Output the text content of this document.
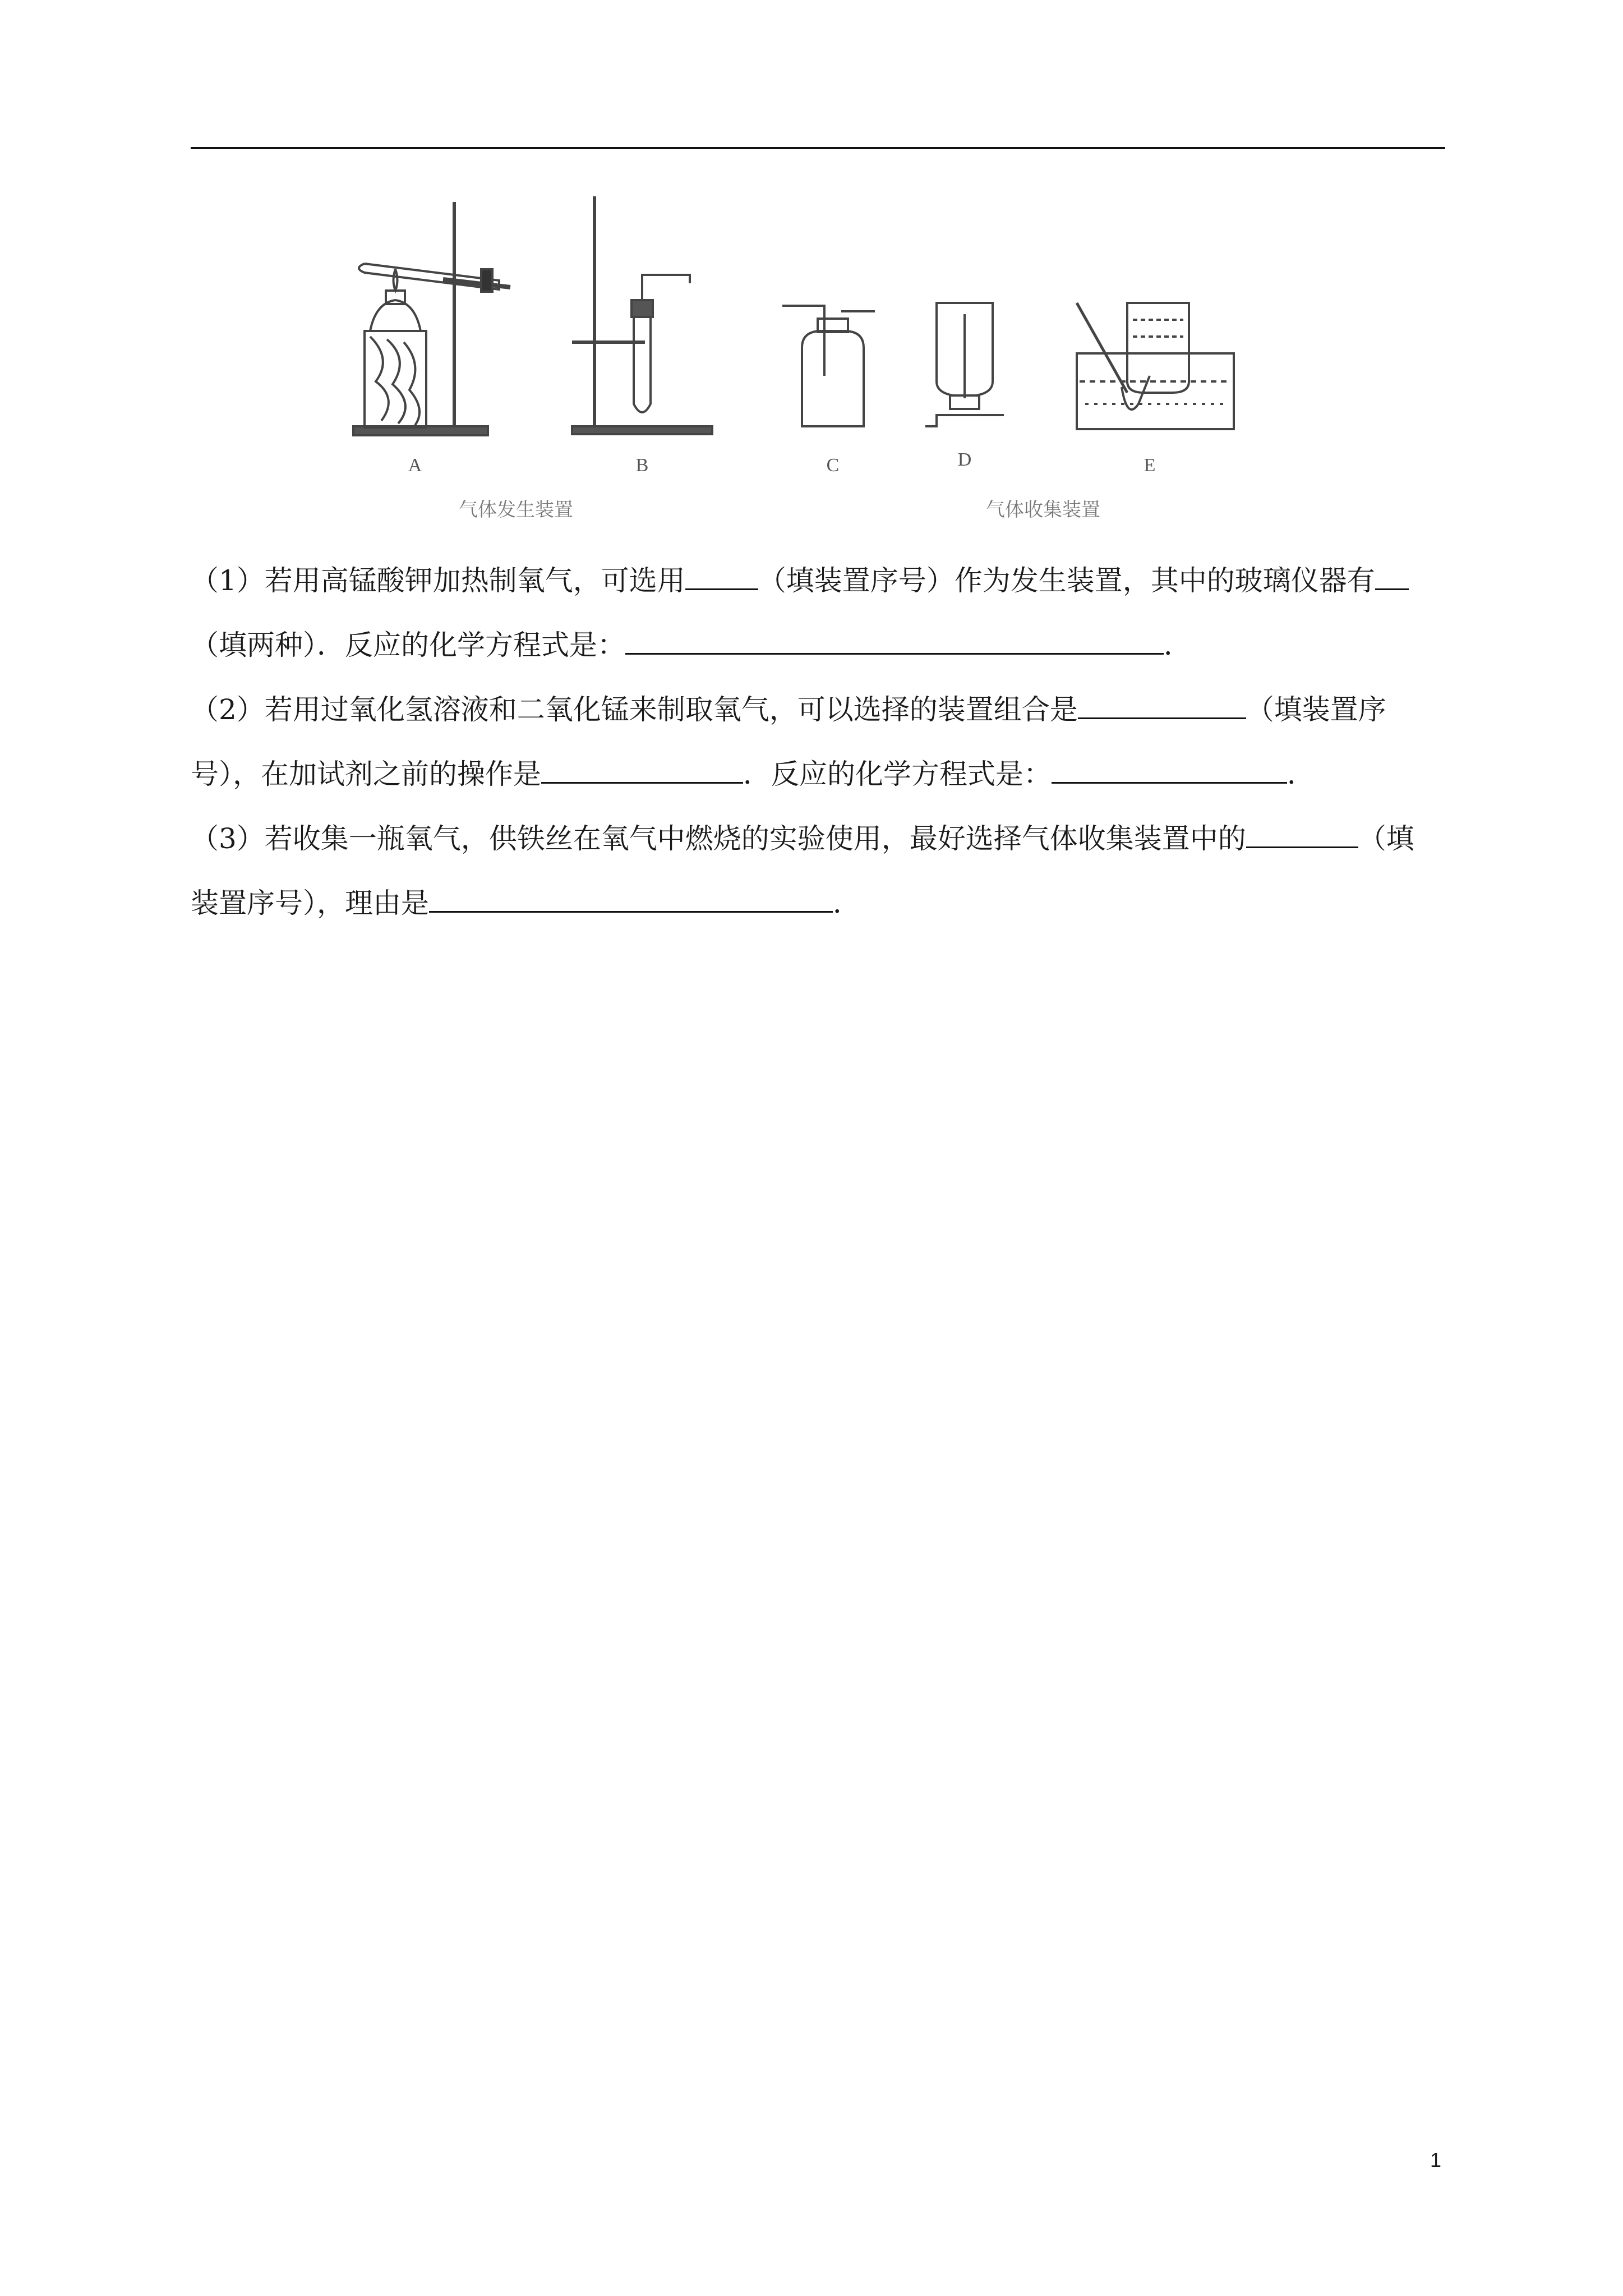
A	B	C	D	E
气体发生装置	气体收集装置
（1）若用高锰酸钾加热制氧气，可选用	（填装置序号）作为发生装置，其中的玻璃仪器有
（填两种）．反应的化学方程式是：	．
（2）若用过氧化氢溶液和二氧化锰来制取氧气，可以选择的装置组合是	（填装置序
号），在加试剂之前的操作是	．反应的化学方程式是：	．
（3）若收集一瓶氧气，供铁丝在氧气中燃烧的实验使用，最好选择气体收集装置中的	（填
装置序号），理由是	．
1
